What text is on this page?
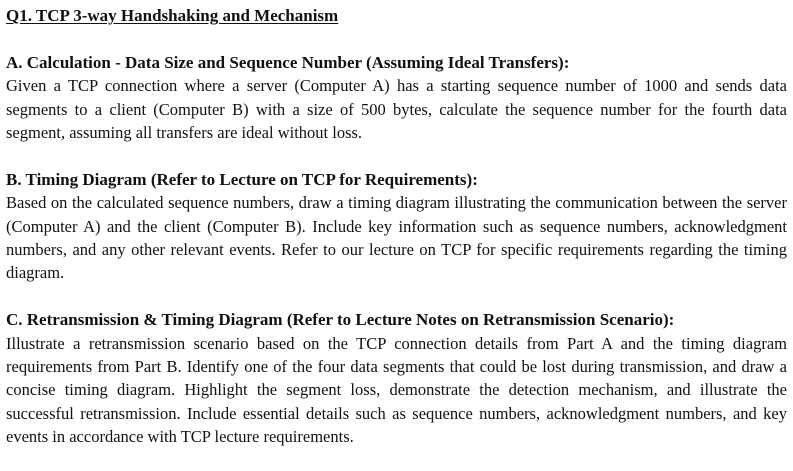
Q1. TCP 3-way Handshaking and Mechanism

A. Calculation - Data Size and Sequence Number (Assuming Ideal Transfers):

Given a TCP connection where a server (Computer A) has a starting sequence number of 1000 and sends data segments to a client (Computer B) with a size of 500 bytes, calculate the sequence number for the fourth data segment, assuming all transfers are ideal without loss.

B. Timing Diagram (Refer to Lecture on TCP for Requirements):

Based on the calculated sequence numbers, draw a timing diagram illustrating the communication between the server (Computer A) and the client (Computer B). Include key information such as sequence numbers, acknowledgment numbers, and any other relevant events. Refer to our lecture on TCP for specific requirements regarding the timing diagram.

C. Retransmission & Timing Diagram (Refer to Lecture Notes on Retransmission Scenario):

Illustrate a retransmission scenario based on the TCP connection details from Part A and the timing diagram requirements from Part B. Identify one of the four data segments that could be lost during transmission, and draw a concise timing diagram. Highlight the segment loss, demonstrate the detection mechanism, and illustrate the successful retransmission. Include essential details such as sequence numbers, acknowledgment numbers, and key events in accordance with TCP lecture requirements.
